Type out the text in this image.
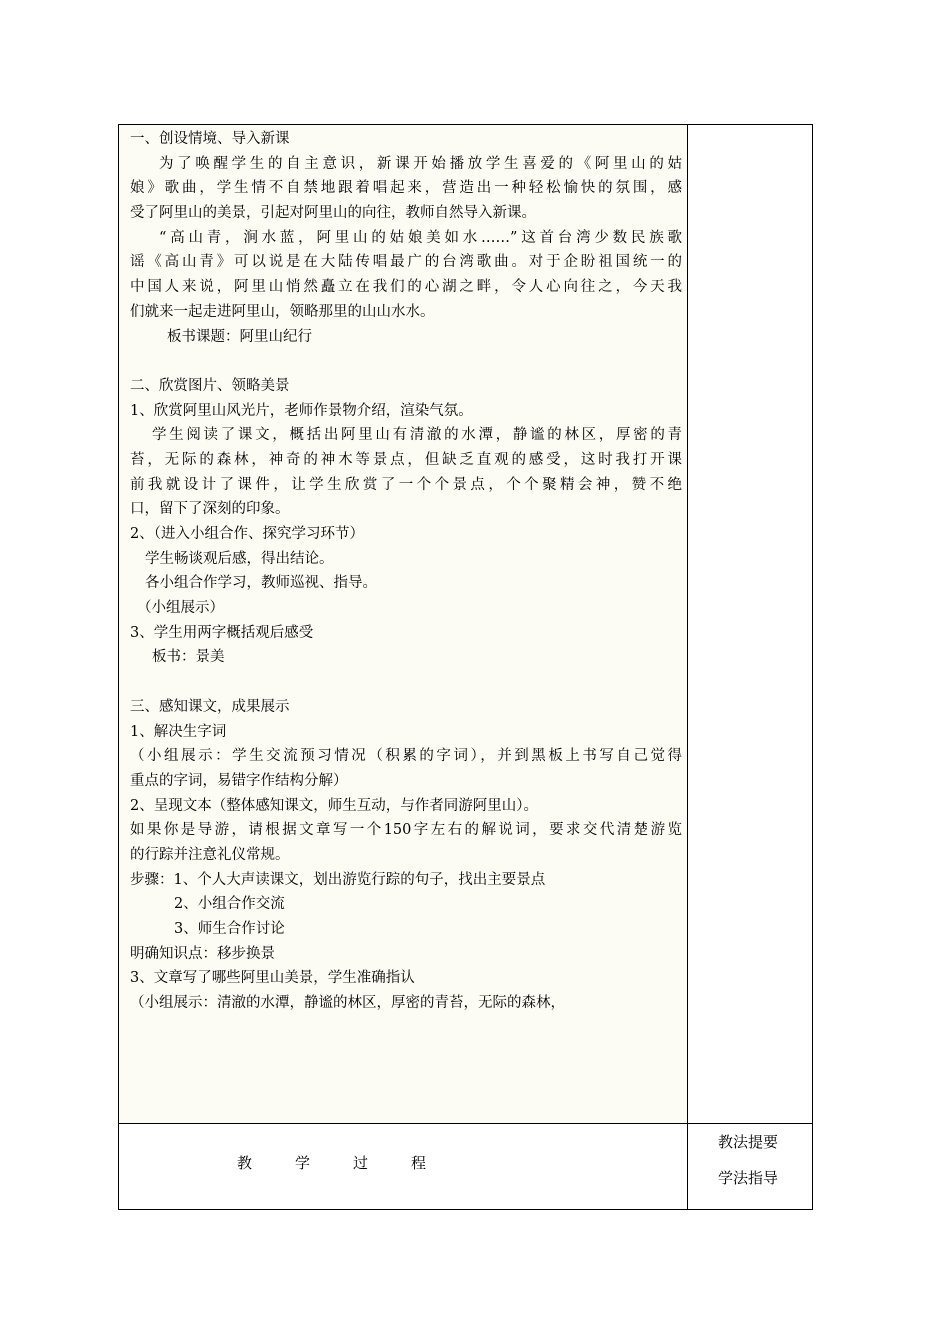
一、创设情境、导入新课
为了唤醒学生的自主意识，新课开始播放学生喜爱的《阿里山的姑
娘》歌曲，学生情不自禁地跟着唱起来，营造出一种轻松愉快的氛围，感
受了阿里山的美景，引起对阿里山的向往，教师自然导入新课。
“高山青，涧水蓝，阿里山的姑娘美如水……”这首台湾少数民族歌
谣《高山青》可以说是在大陆传唱最广的台湾歌曲。对于企盼祖国统一的
中国人来说，阿里山悄然矗立在我们的心湖之畔，令人心向往之，今天我
们就来一起走进阿里山，领略那里的山山水水。
板书课题：阿里山纪行
二、欣赏图片、领略美景
1、欣赏阿里山风光片，老师作景物介绍，渲染气氛。
学生阅读了课文，概括出阿里山有清澈的水潭，静谧的林区，厚密的青
苔，无际的森林，神奇的神木等景点，但缺乏直观的感受，这时我打开课
前我就设计了课件，让学生欣赏了一个个景点，个个聚精会神，赞不绝
口，留下了深刻的印象。
2、（进入小组合作、探究学习环节）
学生畅谈观后感，得出结论。
各小组合作学习，教师巡视、指导。
（小组展示）
3、学生用两字概括观后感受
板书：景美
三、感知课文，成果展示
1、解决生字词
（小组展示：学生交流预习情况（积累的字词），并到黑板上书写自己觉得
重点的字词，易错字作结构分解）
2、呈现文本（整体感知课文，师生互动，与作者同游阿里山）。
如果你是导游，请根据文章写一个150字左右的解说词，要求交代清楚游览
的行踪并注意礼仪常规。
步骤：1、个人大声读课文，划出游览行踪的句子，找出主要景点
2、小组合作交流
3、师生合作讨论
明确知识点：移步换景
3、文章写了哪些阿里山美景，学生准确指认
（小组展示：清澈的水潭，静谧的林区，厚密的青苔，无际的森林，
教	学	过	程
教法提要
学法指导
